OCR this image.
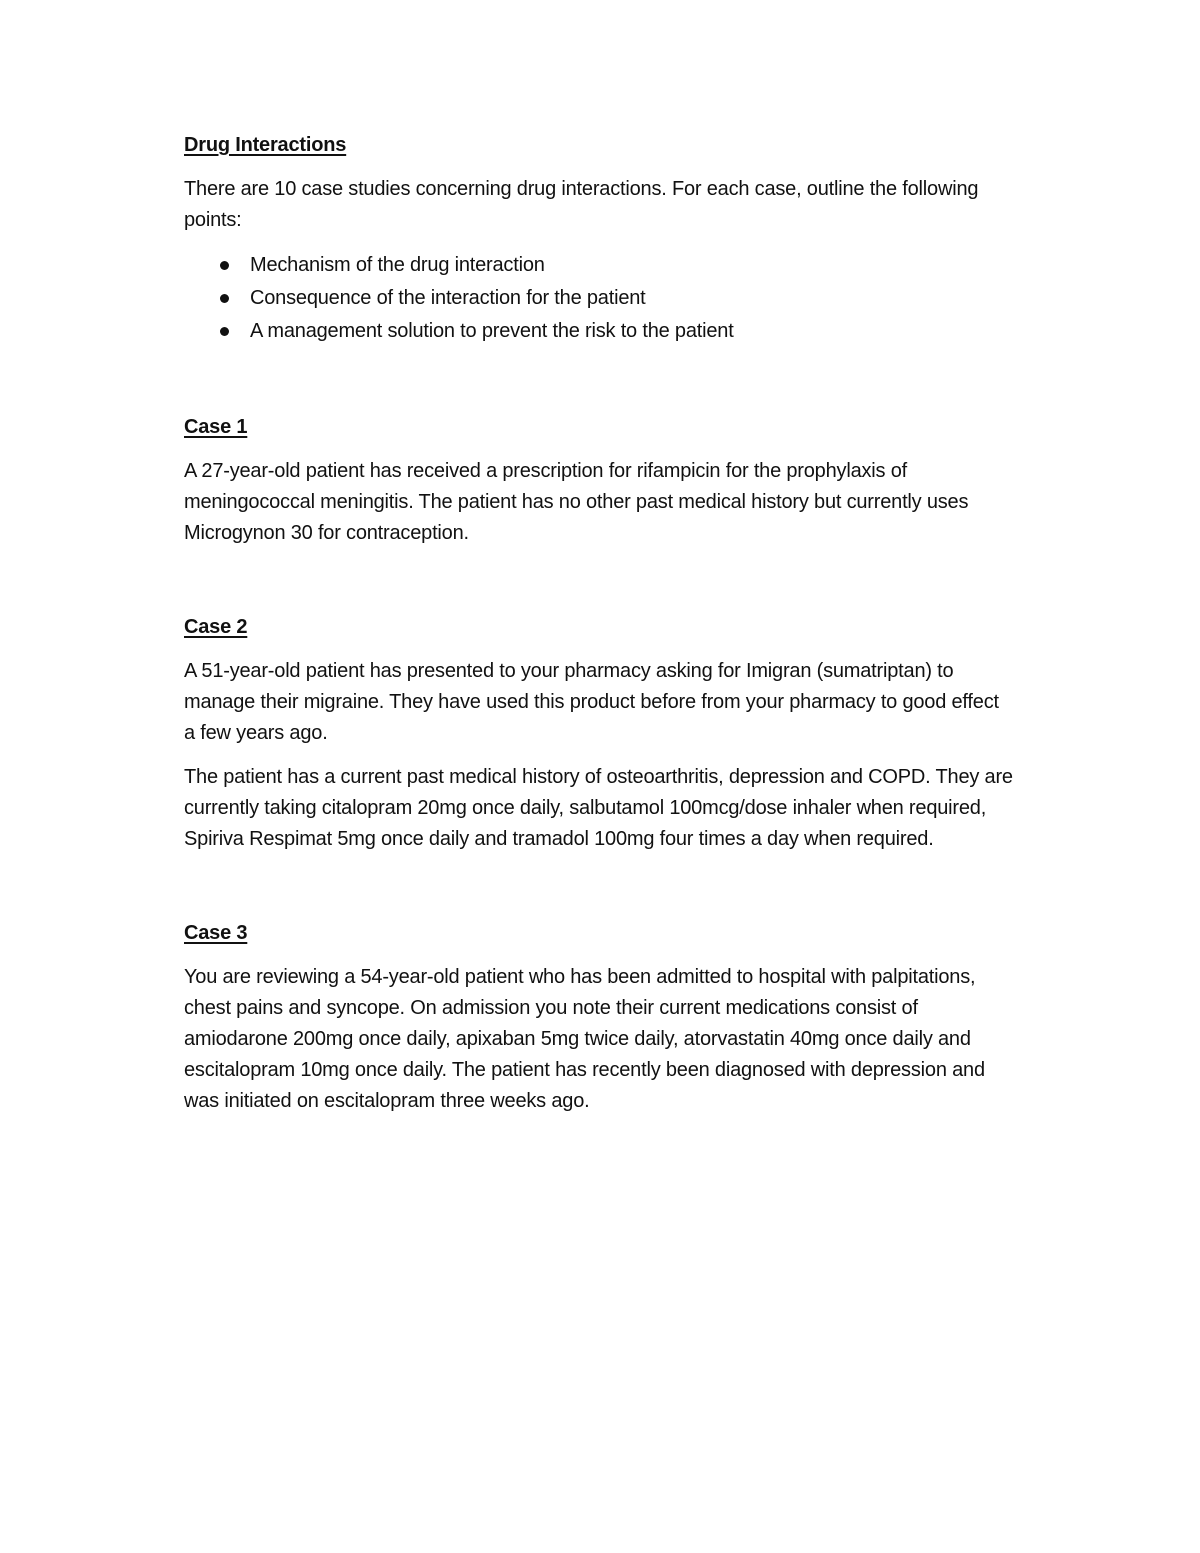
Drug Interactions
There are 10 case studies concerning drug interactions. For each case, outline the following points:
Mechanism of the drug interaction
Consequence of the interaction for the patient
A management solution to prevent the risk to the patient
Case 1
A 27-year-old patient has received a prescription for rifampicin for the prophylaxis of meningococcal meningitis. The patient has no other past medical history but currently uses Microgynon 30 for contraception.
Case 2
A 51-year-old patient has presented to your pharmacy asking for Imigran (sumatriptan) to manage their migraine. They have used this product before from your pharmacy to good effect a few years ago.
The patient has a current past medical history of osteoarthritis, depression and COPD. They are currently taking citalopram 20mg once daily, salbutamol 100mcg/dose inhaler when required, Spiriva Respimat 5mg once daily and tramadol 100mg four times a day when required.
Case 3
You are reviewing a 54-year-old patient who has been admitted to hospital with palpitations, chest pains and syncope. On admission you note their current medications consist of amiodarone 200mg once daily, apixaban 5mg twice daily, atorvastatin 40mg once daily and escitalopram 10mg once daily. The patient has recently been diagnosed with depression and was initiated on escitalopram three weeks ago.
